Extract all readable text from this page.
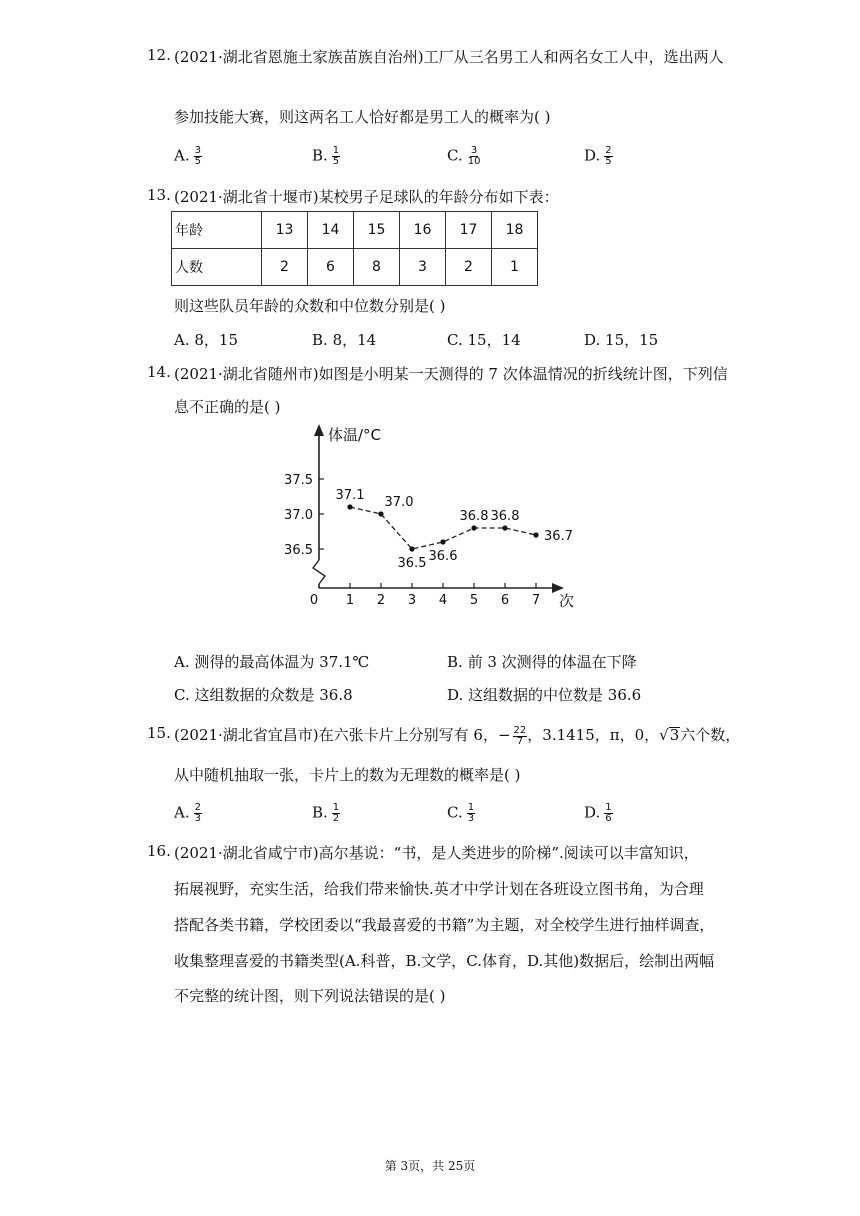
12. (2021·湖北省恩施土家族苗族自治州)工厂从三名男工人和两名女工人中，选出两人
参加技能大赛，则这两名工人恰好都是男工人的概率为( )
A. $\frac{3}{5}$	B. $\frac{1}{5}$	C. $\frac{3}{10}$	D. $\frac{2}{5}$
13. (2021·湖北省十堰市)某校男子足球队的年龄分布如下表：
年龄	13	14	15	16	17	18
人数	2	6	8	3	2	1
则这些队员年龄的众数和中位数分别是( )
A. 8，15	B. 8，14	C. 15，14	D. 15，15
14. (2021·湖北省随州市)如图是小明某一天测得的 7 次体温情况的折线统计图，下列信
息不正确的是( )
A. 测得的最高体温为 37.1℃	B. 前 3 次测得的体温在下降
C. 这组数据的众数是 36.8	D. 这组数据的中位数是 36.6
体温/°C
次
0
36.5
37.0
37.5
1 2 3 4 5 6 7
37.1 37.0
36.5 36.6
36.8 36.8
36.7
15. (2021·湖北省宜昌市)在六张卡片上分别写有 6，− $\frac{22}{7}$ ，3.1415，π，0，√3六个数，
从中随机抽取一张，卡片上的数为无理数的概率是( )
A. $\frac{2}{3}$	B. $\frac{1}{2}$	C. $\frac{1}{3}$	D. $\frac{1}{6}$
16. (2021·湖北省咸宁市)高尔基说：“书，是人类进步的阶梯”.阅读可以丰富知识，
拓展视野，充实生活，给我们带来愉快.英才中学计划在各班设立图书角，为合理
搭配各类书籍，学校团委以“我最喜爱的书籍”为主题，对全校学生进行抽样调查，
收集整理喜爱的书籍类型(A.科普，B.文学，C.体育，D.其他)数据后，绘制出两幅
不完整的统计图，则下列说法错误的是( )
第 3页，共 25页
